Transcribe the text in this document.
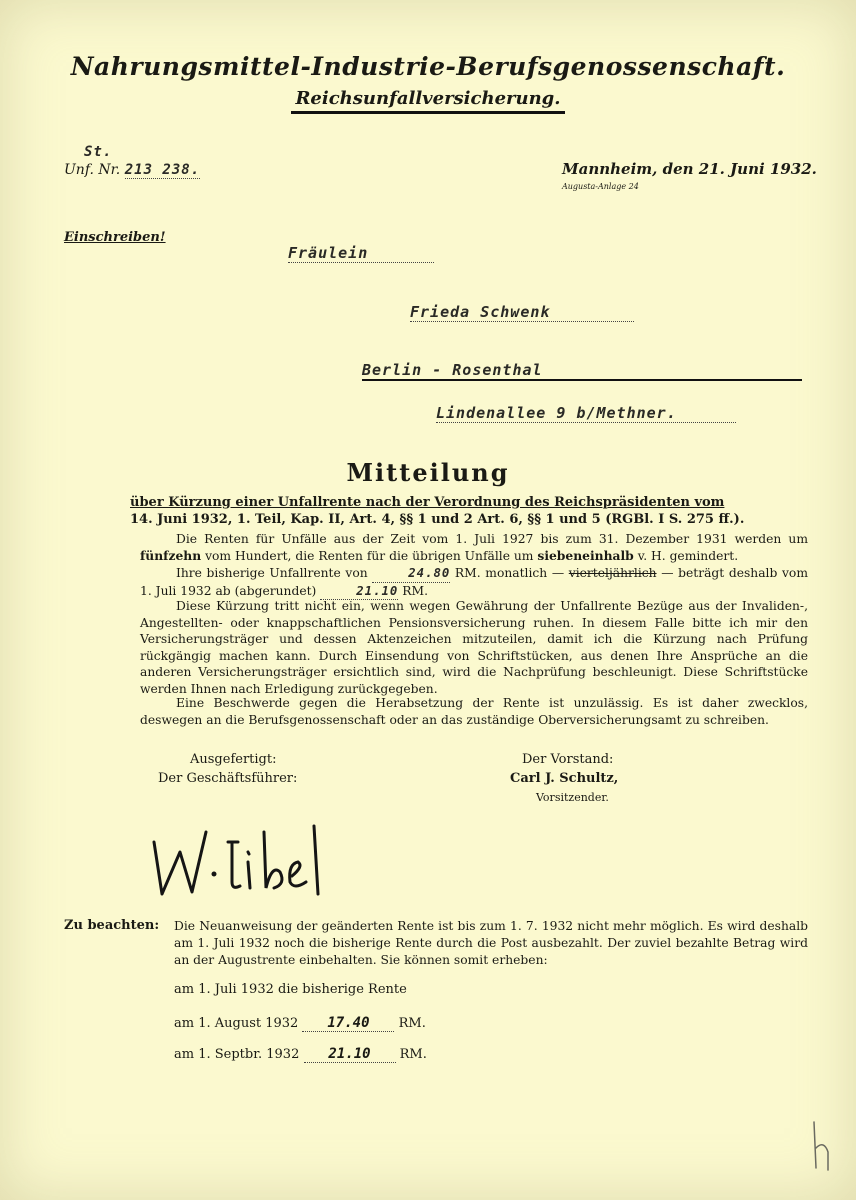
Nahrungsmittel-Industrie-Berufsgenossenschaft.
Reichsunfallversicherung.
St.
Unf. Nr. 213 238.	Mannheim, den 21. Juni 1932.
Augusta-Anlage 24
Einschreiben!
Fräulein
Frieda Schwenk
Berlin - Rosenthal
Lindenallee 9 b/Methner.
Mitteilung
über Kürzung einer Unfallrente nach der Verordnung des Reichspräsidenten vom
14. Juni 1932, 1. Teil, Kap. II, Art. 4, §§ 1 und 2 Art. 6, §§ 1 und 5 (RGBl. I S. 275 ff.).
Die Renten für Unfälle aus der Zeit vom 1. Juli 1927 bis zum 31. Dezember 1931 werden um fünfzehn vom Hundert, die Renten für die übrigen Unfälle um siebeneinhalb v. H. gemindert.
Ihre bisherige Unfallrente von	24.80 RM. monatlich — vierteljährlich — beträgt deshalb vom 1. Juli 1932 ab (abgerundet)	21.10 RM.
Diese Kürzung tritt nicht ein, wenn wegen Gewährung der Unfallrente Bezüge aus der Invaliden-, Angestellten- oder knappschaftlichen Pensionsversicherung ruhen. In diesem Falle bitte ich mir den Versicherungsträger und dessen Aktenzeichen mitzuteilen, damit ich die Kürzung nach Prüfung rückgängig machen kann. Durch Einsendung von Schriftstücken, aus denen Ihre Ansprüche an die anderen Versicherungsträger ersichtlich sind, wird die Nachprüfung beschleunigt. Diese Schriftstücke werden Ihnen nach Erledigung zurückgegeben.
Eine Beschwerde gegen die Herabsetzung der Rente ist unzulässig. Es ist daher zwecklos, deswegen an die Berufsgenossenschaft oder an das zuständige Oberversicherungsamt zu schreiben.
Ausgefertigt:
Der Geschäftsführer:
Der Vorstand:
Carl J. Schultz,
Vorsitzender.
Zu beachten: Die Neuanweisung der geänderten Rente ist bis zum 1. 7. 1932 nicht mehr möglich. Es wird deshalb am 1. Juli 1932 noch die bisherige Rente durch die Post ausbezahlt. Der zuviel bezahlte Betrag wird an der Augustrente einbehalten. Sie können somit erheben:
am 1. Juli 1932 die bisherige Rente
am 1. August 1932 17.40 RM.
am 1. Septbr. 1932 21.10 RM.
